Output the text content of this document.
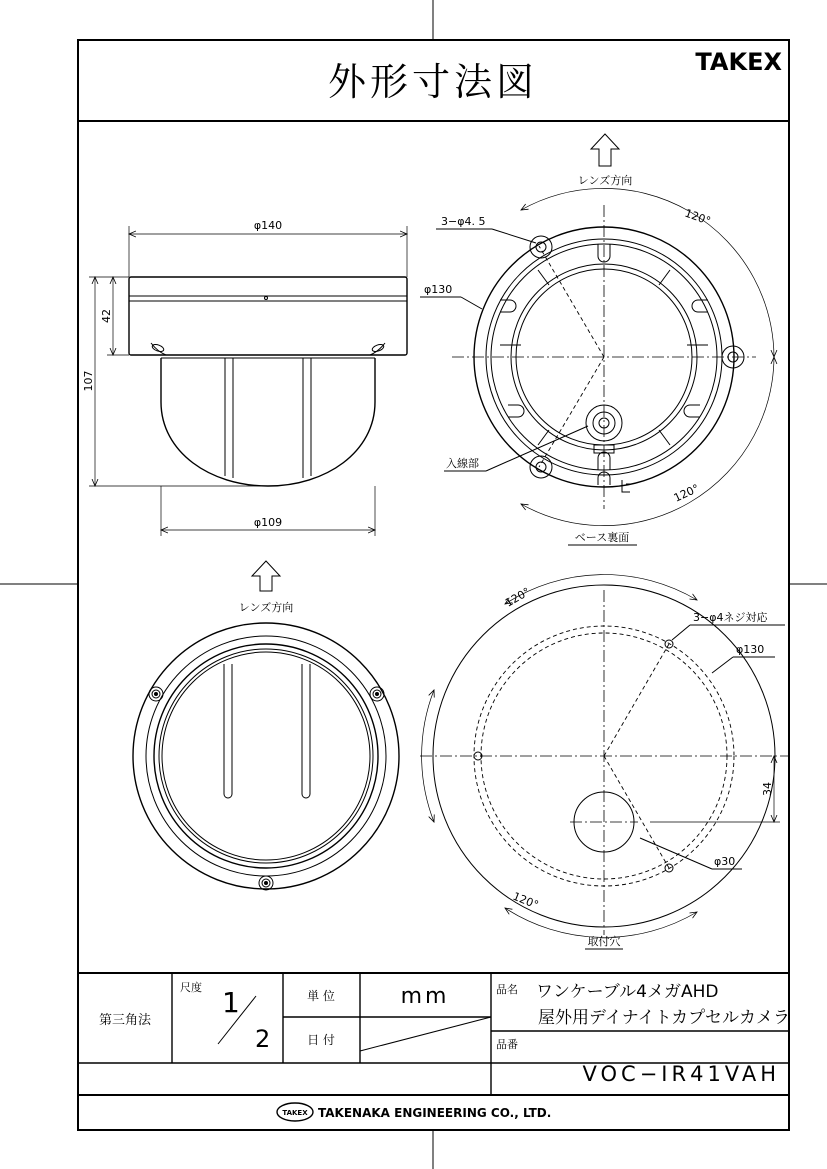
外形寸法図	TAKEX
φ140
φ109
107
42
レンズ方向
120°
120°
3−φ4. 5
φ130
入線部
ベース裏面
レンズ方向
34
120°
120°
3−φ4ネジ対応
φ130
φ30
取付穴
第三角法
尺度 1
2
単 位	mm
日 付
品名 ワンケーブル4メガAHD
屋外用デイナイトカプセルカメラ
品番
VOC−IR41VAH
TAKEX TAKENAKA ENGINEERING CO., LTD.
